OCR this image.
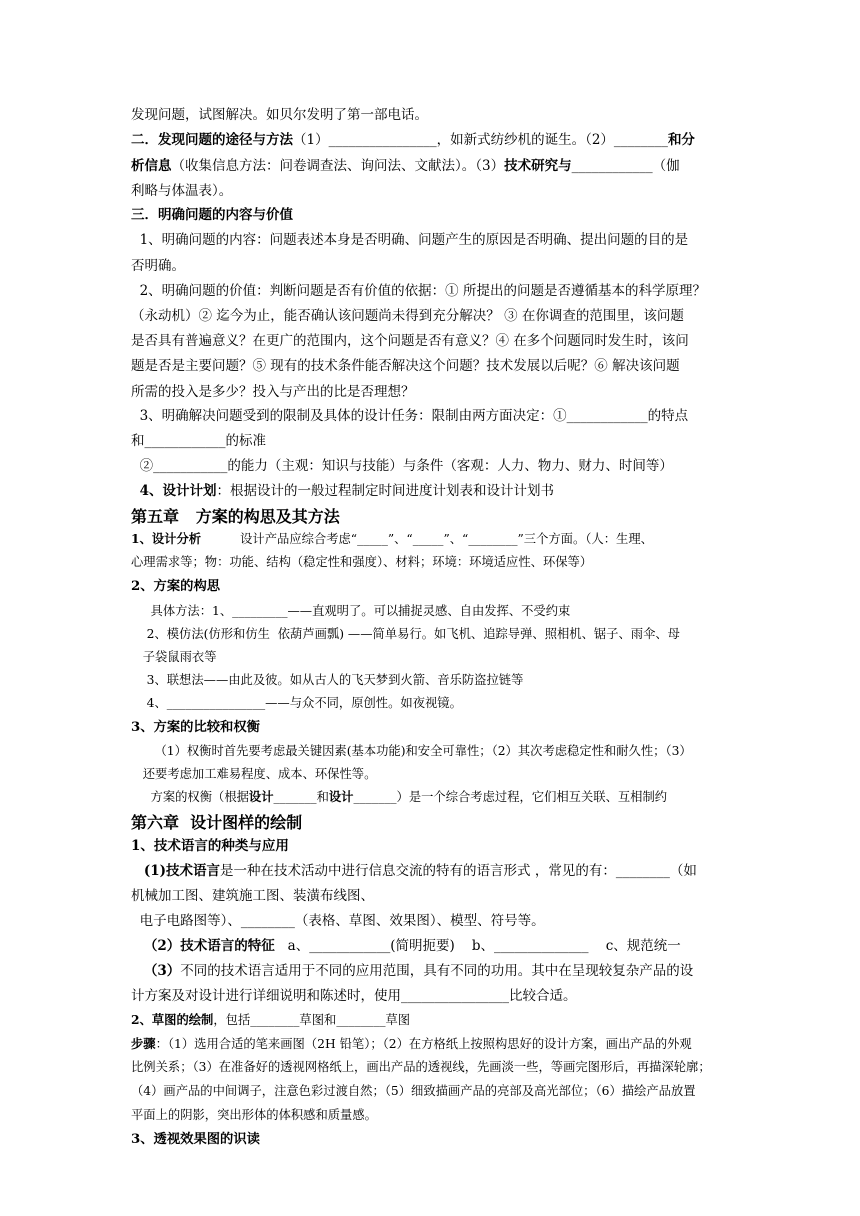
发现问题，试图解决。如贝尔发明了第一部电话。
二．发现问题的途径与方法（1）________________，如新式纺纱机的诞生。（2）________和分
析信息（收集信息方法：问卷调查法、询问法、文献法）。（3）技术研究与____________（伽
利略与体温表）。
三．明确问题的内容与价值
1、明确问题的内容：问题表述本身是否明确、问题产生的原因是否明确、提出问题的目的是
否明确。
2、明确问题的价值：判断问题是否有价值的依据：① 所提出的问题是否遵循基本的科学原理？
（永动机）② 迄今为止，能否确认该问题尚未得到充分解决？ ③ 在你调查的范围里，该问题
是否具有普遍意义？在更广的范围内，这个问题是否有意义？④ 在多个问题同时发生时，该问
题是否是主要问题？⑤ 现有的技术条件能否解决这个问题？技术发展以后呢？⑥ 解决该问题
所需的投入是多少？投入与产出的比是否理想？
3、明确解决问题受到的限制及具体的设计任务：限制由两方面决定：①____________的特点
和____________的标准
②___________的能力（主观：知识与技能）与条件（客观：人力、物力、财力、时间等）
4、设计计划：根据设计的一般过程制定时间进度计划表和设计计划书
第五章   方案的构思及其方法
1、设计分析          设计产品应综合考虑“_____”、“_____”、“________”三个方面。（人：生理、
心理需求等；物：功能、结构（稳定性和强度）、材料；环境：环境适应性、环保等）
2、方案的构思
具体方法：1、_________——直观明了。可以捕捉灵感、自由发挥、不受约束
2、模仿法(仿形和仿生  依葫芦画瓢) ——简单易行。如飞机、追踪导弹、照相机、锯子、雨伞、母
子袋鼠雨衣等
3、联想法——由此及彼。如从古人的飞天梦到火箭、音乐防盗拉链等
4、________________——与众不同，原创性。如夜视镜。
3、方案的比较和权衡
（1）权衡时首先要考虑最关键因素(基本功能)和安全可靠性；（2）其次考虑稳定性和耐久性；（3）
还要考虑加工难易程度、成本、环保性等。
方案的权衡（根据设计_______和设计_______）是一个综合考虑过程，它们相互关联、互相制约
第六章  设计图样的绘制
1、技术语言的种类与应用
(1)技术语言是一种在技术活动中进行信息交流的特有的语言形式 ，常见的有：________（如
机械加工图、建筑施工图、装潢布线图、
电子电路图等）、________（表格、草图、效果图）、模型、符号等。
（2）技术语言的特征   a、____________(简明扼要)    b、______________    c、规范统一
（3）不同的技术语言适用于不同的应用范围，具有不同的功用。其中在呈现较复杂产品的设
计方案及对设计进行详细说明和陈述时，使用________________比较合适。
2、草图的绘制，包括________草图和________草图
步骤：（1）选用合适的笔来画图（2H 铅笔）；（2）在方格纸上按照构思好的设计方案，画出产品的外观
比例关系；（3）在准备好的透视网格纸上，画出产品的透视线，先画淡一些，等画完图形后，再描深轮廓；
（4）画产品的中间调子，注意色彩过渡自然；（5）细致描画产品的亮部及高光部位；（6）描绘产品放置
平面上的阴影，突出形体的体积感和质量感。
3、透视效果图的识读
